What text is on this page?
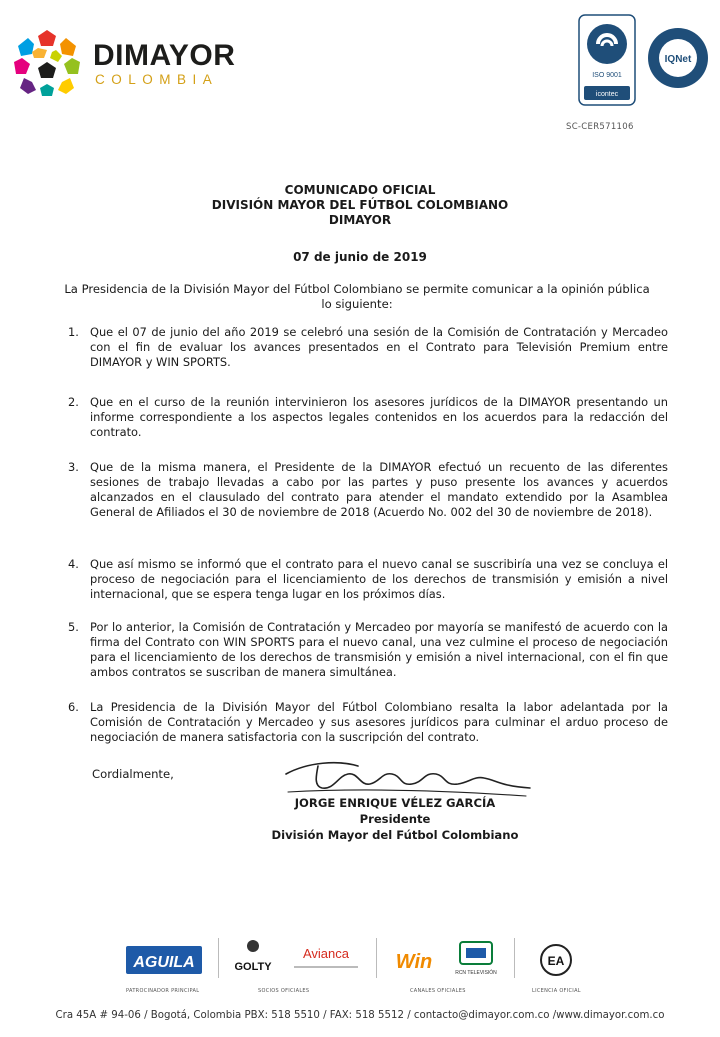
DIMAYOR
COLOMBIA	ISO 9001
icontec
IQNet
SC-CER571106
COMUNICADO OFICIAL
DIVISIÓN MAYOR DEL FÚTBOL COLOMBIANO
DIMAYOR
07 de junio de 2019
La Presidencia de la División Mayor del Fútbol Colombiano se permite comunicar a la opinión pública lo siguiente:
1. Que el 07 de junio del año 2019 se celebró una sesión de la Comisión de Contratación y Mercadeo con el fin de evaluar los avances presentados en el Contrato para Televisión Premium entre DIMAYOR y WIN SPORTS.
2. Que en el curso de la reunión intervinieron los asesores jurídicos de la DIMAYOR presentando un informe correspondiente a los aspectos legales contenidos en los acuerdos para la redacción del contrato.
3. Que de la misma manera, el Presidente de la DIMAYOR efectuó un recuento de las diferentes sesiones de trabajo llevadas a cabo por las partes y puso presente los avances y acuerdos alcanzados en el clausulado del contrato para atender el mandato extendido por la Asamblea General de Afiliados el 30 de noviembre de 2018 (Acuerdo No. 002 del 30 de noviembre de 2018).
4. Que así mismo se informó que el contrato para el nuevo canal se suscribiría una vez se concluya el proceso de negociación para el licenciamiento de los derechos de transmisión y emisión a nivel internacional, que se espera tenga lugar en los próximos días.
5. Por lo anterior, la Comisión de Contratación y Mercadeo por mayoría se manifestó de acuerdo con la firma del Contrato con WIN SPORTS para el nuevo canal, una vez culmine el proceso de negociación para el licenciamiento de los derechos de transmisión y emisión a nivel internacional, con el fin que ambos contratos se suscriban de manera simultánea.
6. La Presidencia de la División Mayor del Fútbol Colombiano resalta la labor adelantada por la Comisión de Contratación y Mercadeo y sus asesores jurídicos para culminar el arduo proceso de negociación de manera satisfactoria con la suscripción del contrato.
Cordialmente,
JORGE ENRIQUE VÉLEZ GARCÍA
Presidente
División Mayor del Fútbol Colombiano
AGUILA
PATROCINADOR PRINCIPAL
GOLTY
Avianca
SOCIOS OFICIALES
Win	RCN TELEVISIÓN
CANALES OFICIALES
EA
LICENCIA OFICIAL
Cra 45A # 94-06 / Bogotá, Colombia PBX: 518 5510 / FAX: 518 5512 / contacto@dimayor.com.co /www.dimayor.com.co
